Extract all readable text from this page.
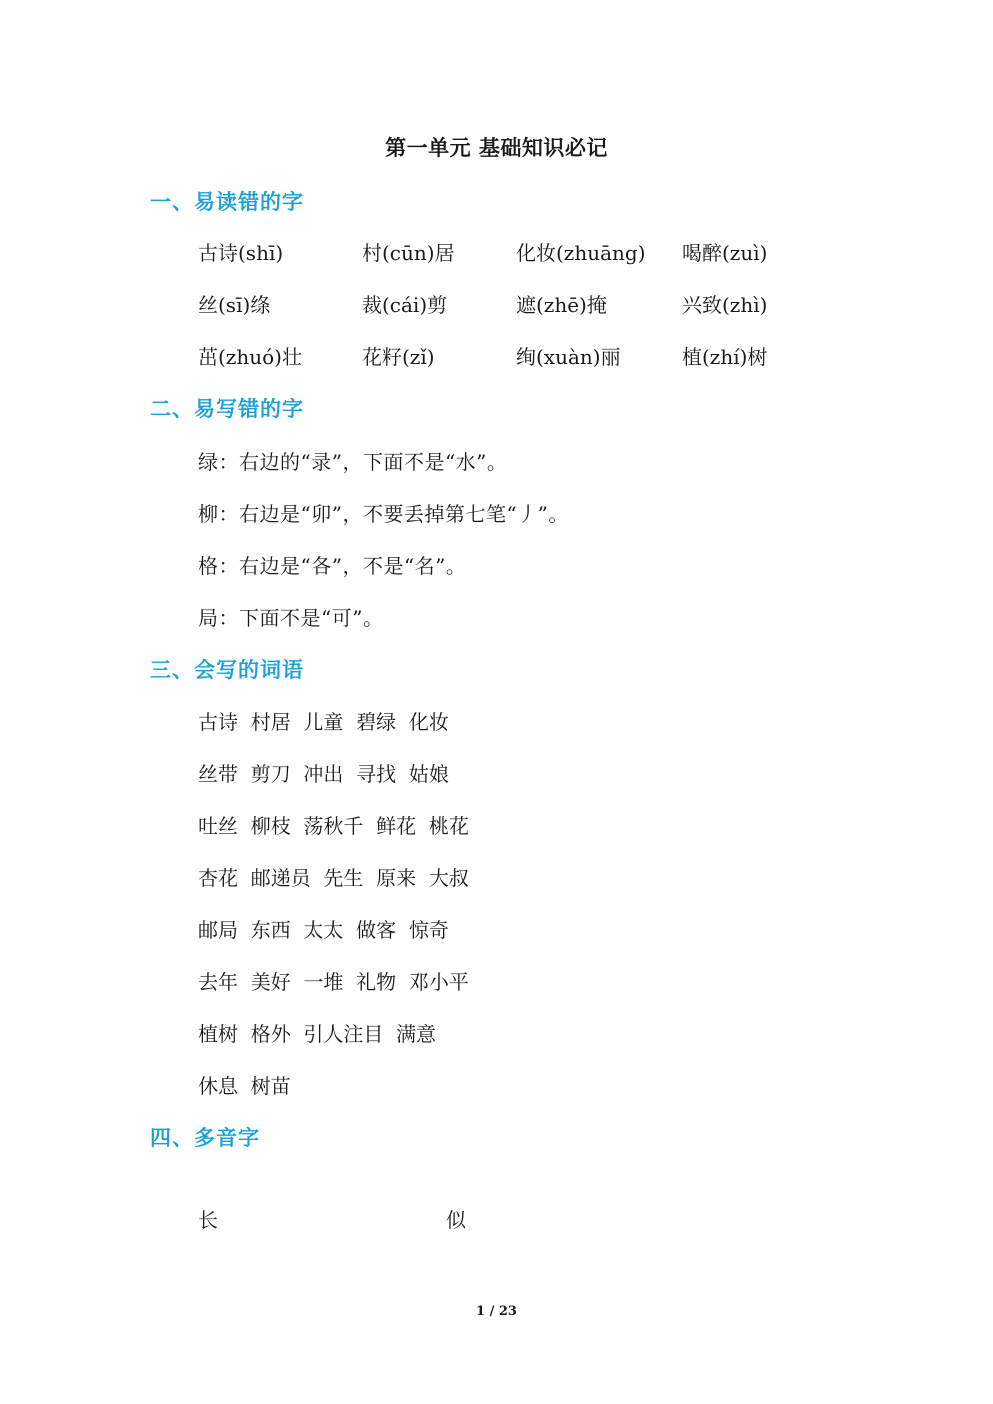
第一单元 基础知识必记
一、易读错的字
古诗(shī)	村(cūn)居	化妆(zhuāng) 喝醉(zuì)
丝(sī)绦	裁(cái)剪	遮(zhē)掩	兴致(zhì)
茁(zhuó)壮	花籽(zǐ)	绚(xuàn)丽	植(zhí)树
二、易写错的字
绿：右边的“录”，下面不是“水”。
柳：右边是“卯”，不要丢掉第七笔“丿”。
格：右边是“各”，不是“名”。
局：下面不是“可”。
三、会写的词语
古诗  村居  儿童  碧绿  化妆
丝带  剪刀  冲出  寻找  姑娘
吐丝  柳枝  荡秋千  鲜花  桃花
杏花  邮递员  先生  原来  大叔
邮局  东西  太太  做客  惊奇
去年  美好  一堆  礼物  邓小平
植树  格外  引人注目  满意
休息  树苗
四、多音字
长	似
1 / 23
